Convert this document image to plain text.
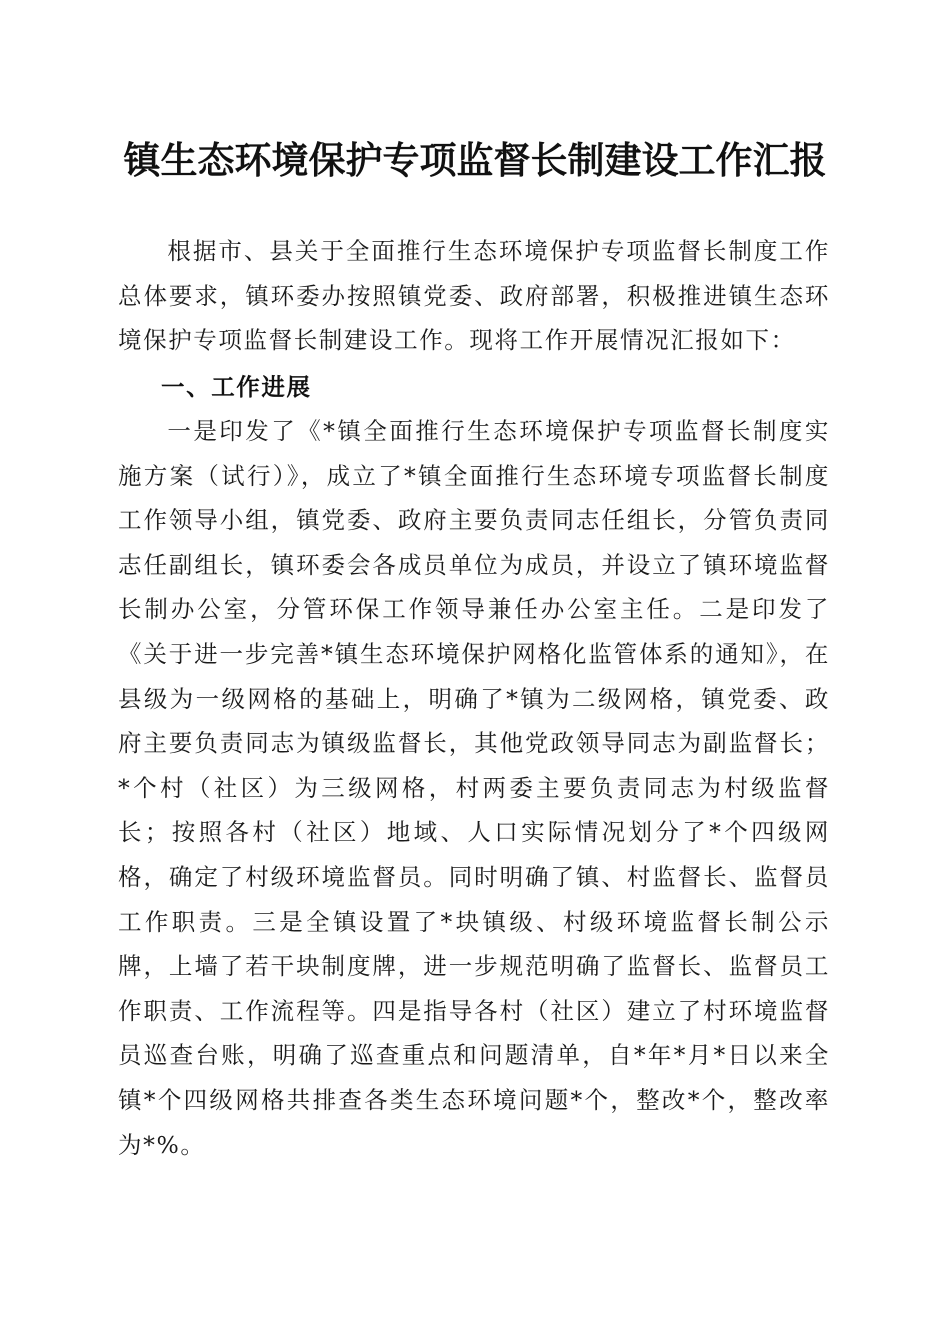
镇生态环境保护专项监督长制建设工作汇报

根据市、县关于全面推行生态环境保护专项监督长制度工作总体要求，镇环委办按照镇党委、政府部署，积极推进镇生态环境保护专项监督长制建设工作。现将工作开展情况汇报如下：

一、工作进展

一是印发了《*镇全面推行生态环境保护专项监督长制度实施方案（试行）》，成立了*镇全面推行生态环境专项监督长制度工作领导小组，镇党委、政府主要负责同志任组长，分管负责同志任副组长，镇环委会各成员单位为成员，并设立了镇环境监督长制办公室，分管环保工作领导兼任办公室主任。二是印发了《关于进一步完善*镇生态环境保护网格化监管体系的通知》，在县级为一级网格的基础上，明确了*镇为二级网格，镇党委、政府主要负责同志为镇级监督长，其他党政领导同志为副监督长；*个村（社区）为三级网格，村两委主要负责同志为村级监督长；按照各村（社区）地域、人口实际情况划分了*个四级网格，确定了村级环境监督员。同时明确了镇、村监督长、监督员工作职责。三是全镇设置了*块镇级、村级环境监督长制公示牌，上墙了若干块制度牌，进一步规范明确了监督长、监督员工作职责、工作流程等。四是指导各村（社区）建立了村环境监督员巡查台账，明确了巡查重点和问题清单，自*年*月*日以来全镇*个四级网格共排查各类生态环境问题*个，整改*个，整改率为*%。
